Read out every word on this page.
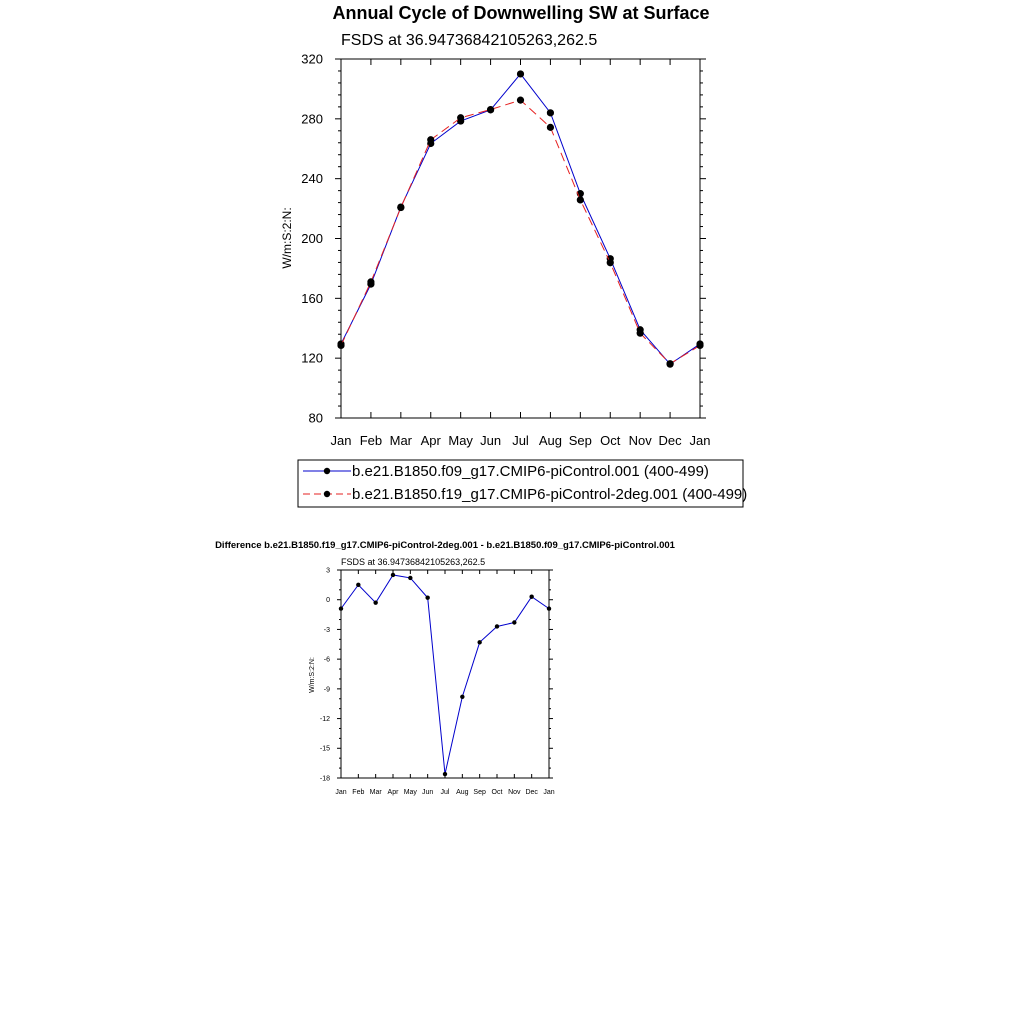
Annual Cycle of Downwelling SW at Surface
FSDS at 36.94736842105263,262.5
W/m:S:2:N:
Jan Feb Mar Apr May Jun Jul Aug Sep Oct Nov Dec Jan
80
120
160
200
240
280
320
b.e21.B1850.f09_g17.CMIP6-piControl.001 (400-499)
b.e21.B1850.f19_g17.CMIP6-piControl-2deg.001 (400-499)
Difference b.e21.B1850.f19_g17.CMIP6-piControl-2deg.001 - b.e21.B1850.f09_g17.CMIP6-piControl.001
FSDS at 36.94736842105263,262.5
W/m:S:2:N:
Jan Feb Mar Apr May Jun Jul Aug Sep Oct Nov Dec Jan
-18
-15
-12
-9
-6
-3
0
3
